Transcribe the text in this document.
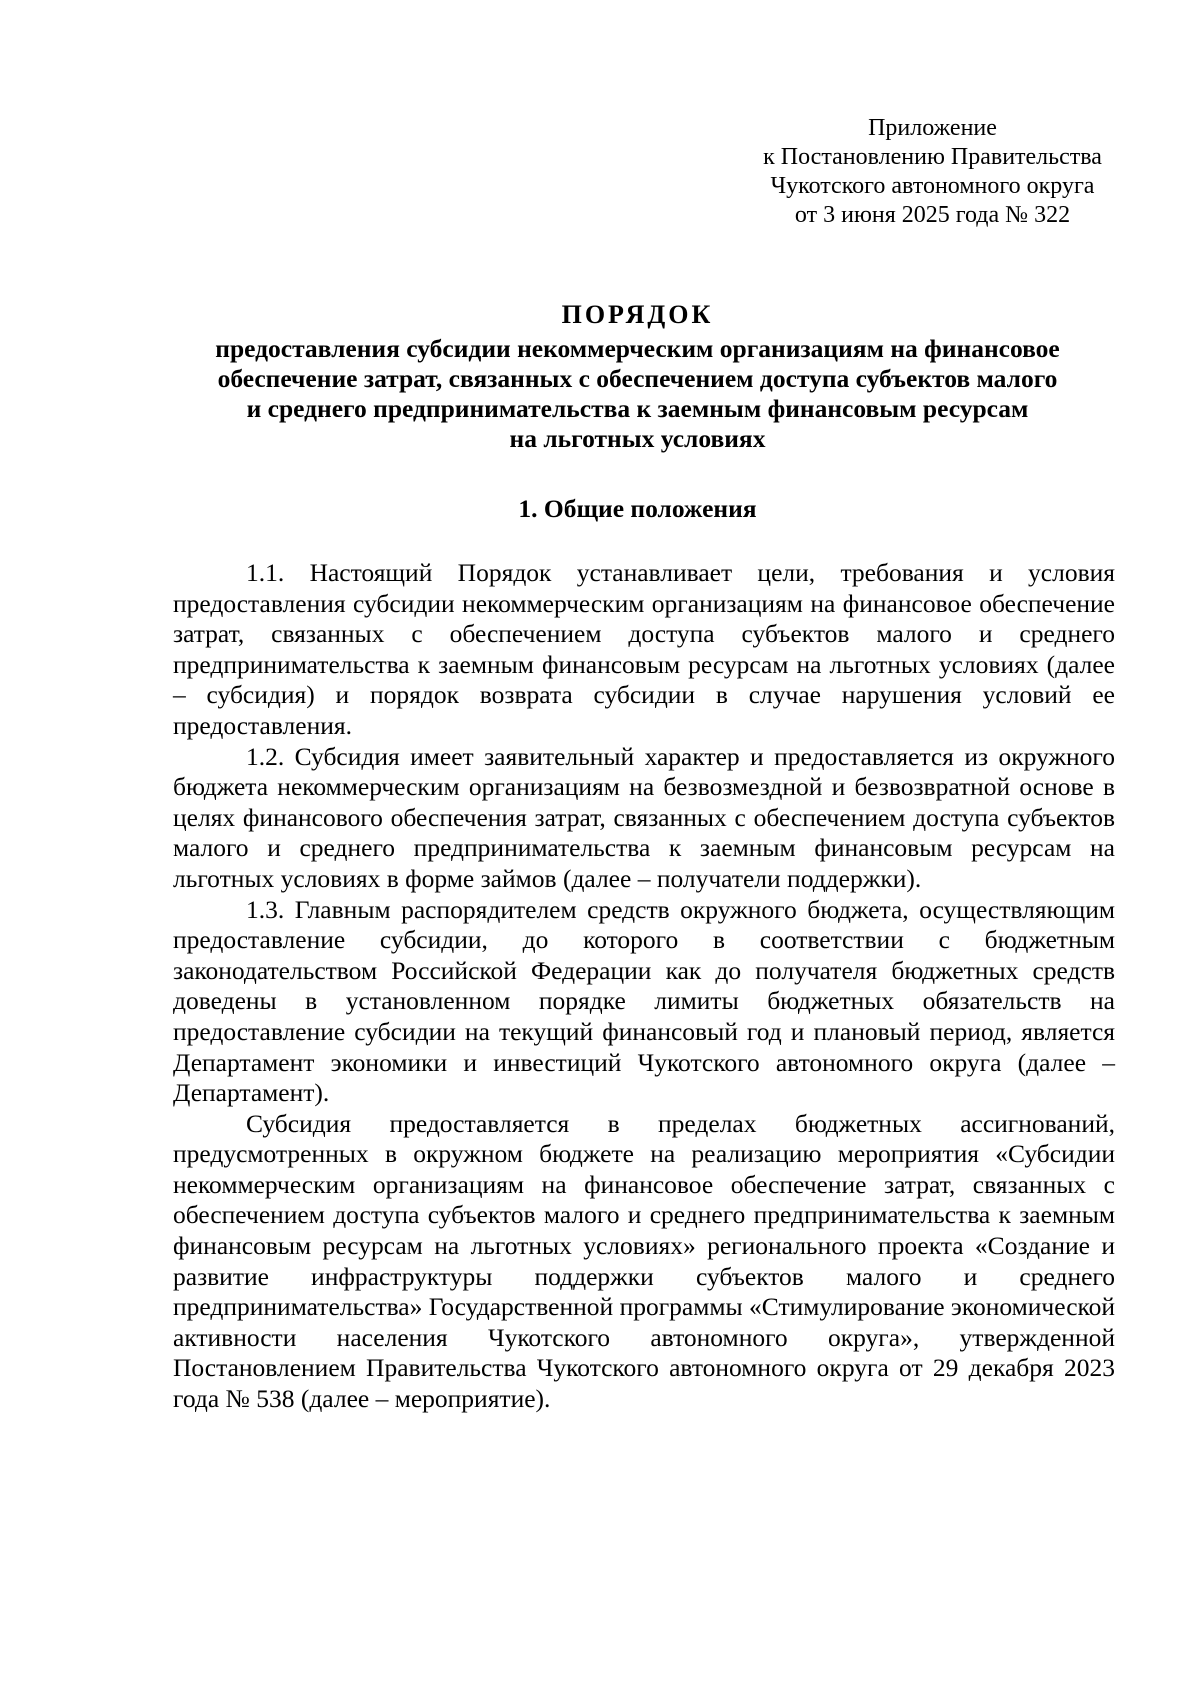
Приложение
к Постановлению Правительства
Чукотского автономного округа
от 3 июня 2025 года № 322
ПОРЯДОК
предоставления субсидии некоммерческим организациям на финансовое
обеспечение затрат, связанных с обеспечением доступа субъектов малого
и среднего предпринимательства к заемным финансовым ресурсам
на льготных условиях
1. Общие положения

1.1. Настоящий Порядок устанавливает цели, требования и условия предоставления субсидии некоммерческим организациям на финансовое обеспечение затрат, связанных с обеспечением доступа субъектов малого и среднего предпринимательства к заемным финансовым ресурсам на льготных условиях (далее – субсидия) и порядок возврата субсидии в случае нарушения условий ее предоставления.

1.2. Субсидия имеет заявительный характер и предоставляется из окружного бюджета некоммерческим организациям на безвозмездной и безвозвратной основе в целях финансового обеспечения затрат, связанных с обеспечением доступа субъектов малого и среднего предпринимательства к заемным финансовым ресурсам на льготных условиях в форме займов (далее – получатели поддержки).

1.3. Главным распорядителем средств окружного бюджета, осуществляющим предоставление субсидии, до которого в соответствии с бюджетным законодательством Российской Федерации как до получателя бюджетных средств доведены в установленном порядке лимиты бюджетных обязательств на предоставление субсидии на текущий финансовый год и плановый период, является Департамент экономики и инвестиций Чукотского автономного округа (далее – Департамент).

Субсидия предоставляется в пределах бюджетных ассигнований, предусмотренных в окружном бюджете на реализацию мероприятия «Субсидии некоммерческим организациям на финансовое обеспечение затрат, связанных с обеспечением доступа субъектов малого и среднего предпринимательства к заемным финансовым ресурсам на льготных условиях» регионального проекта «Создание и развитие инфраструктуры поддержки субъектов малого и среднего предпринимательства» Государственной программы «Стимулирование экономической активности населения Чукотского автономного округа», утвержденной Постановлением Правительства Чукотского автономного округа от 29 декабря 2023 года № 538 (далее – мероприятие).
